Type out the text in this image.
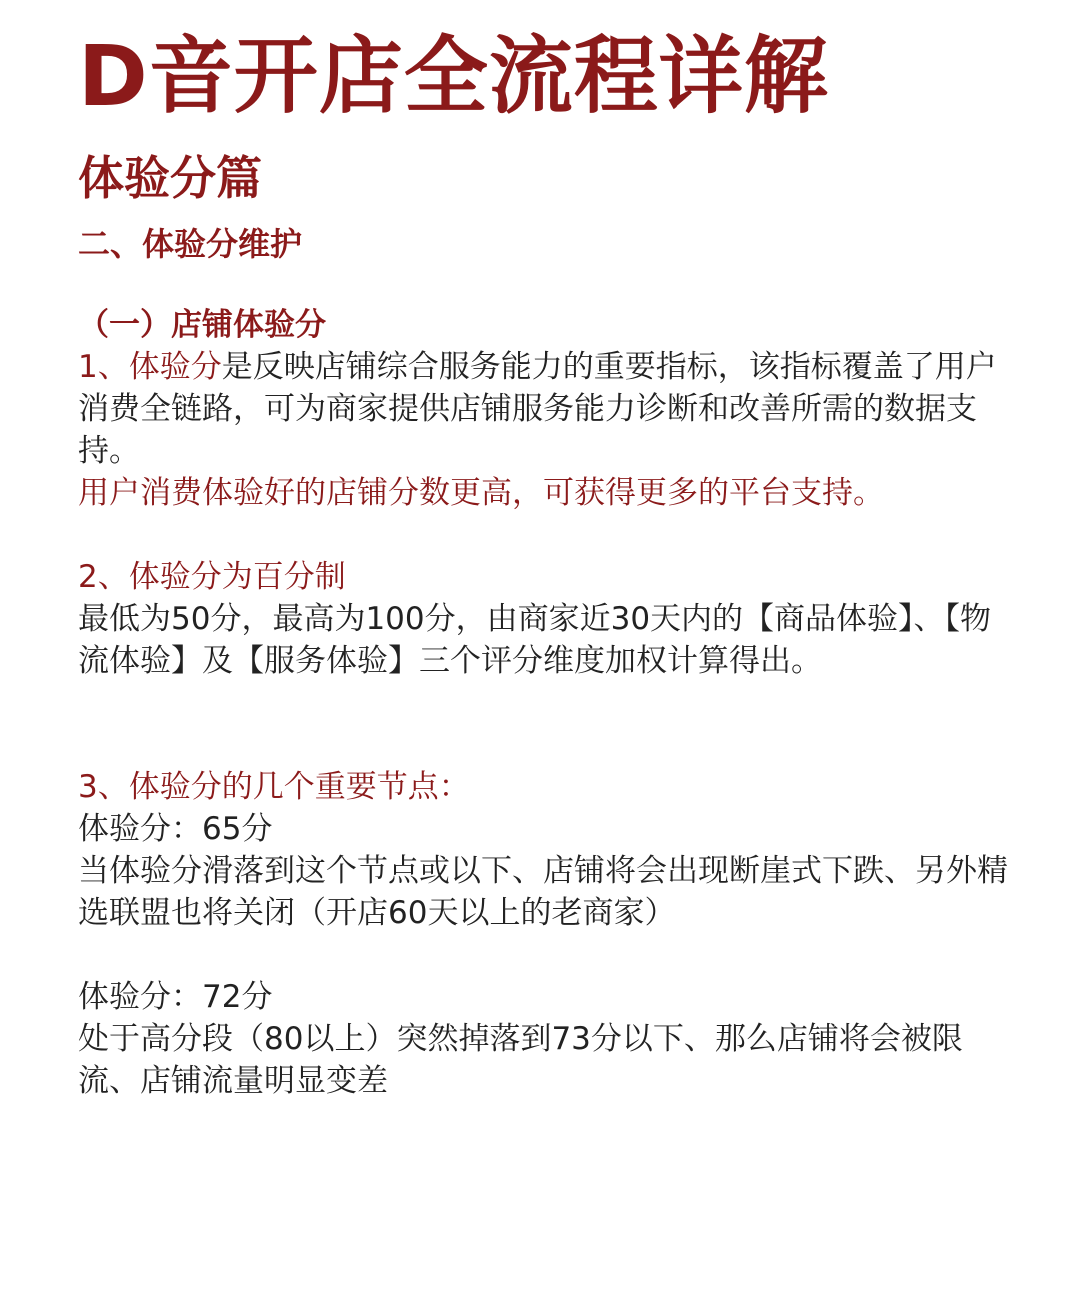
D音开店全流程详解
体验分篇
二、体验分维护
（一）店铺体验分

1、体验分是反映店铺综合服务能力的重要指标，该指标覆盖了用户消费全链路，可为商家提供店铺服务能力诊断和改善所需的数据支持。

用户消费体验好的店铺分数更高，可获得更多的平台支持。

2、体验分为百分制

最低为50分，最高为100分，由商家近30天内的【商品体验】、【物流体验】及【服务体验】三个评分维度加权计算得出。

3、体验分的几个重要节点：

体验分：65分

当体验分滑落到这个节点或以下、店铺将会出现断崖式下跌、另外精选联盟也将关闭（开店60天以上的老商家）

体验分：72分

处于高分段（80以上）突然掉落到73分以下、那么店铺将会被限流、店铺流量明显变差
